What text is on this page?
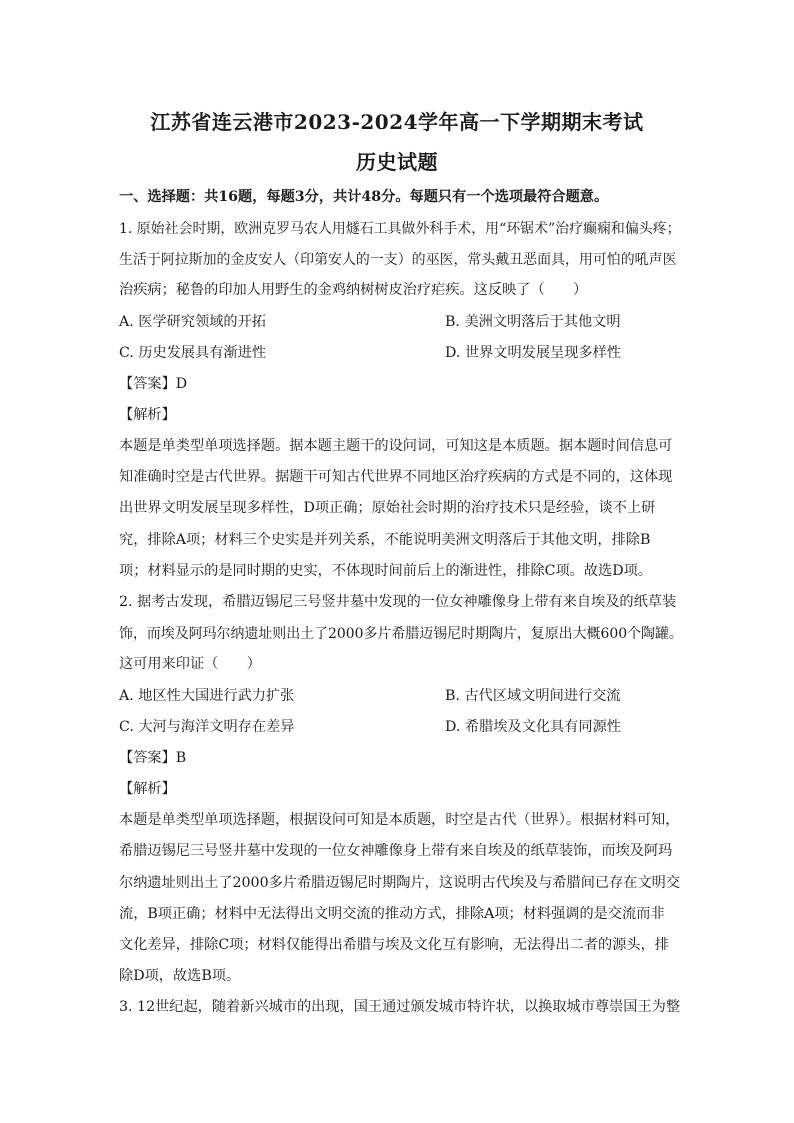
江苏省连云港市2023-2024学年高一下学期期末考试
历史试题
一、选择题：共16题，每题3分，共计48分。每题只有一个选项最符合题意。
1. 原始社会时期，欧洲克罗马农人用燧石工具做外科手术，用“环锯术”治疗癫痫和偏头疼；
生活于阿拉斯加的金皮安人（印第安人的一支）的巫医，常头戴丑恶面具，用可怕的吼声医
治疾病；秘鲁的印加人用野生的金鸡纳树树皮治疗疟疾。这反映了（　　）
A. 医学研究领域的开拓	B. 美洲文明落后于其他文明
C. 历史发展具有渐进性	D. 世界文明发展呈现多样性
【答案】D
【解析】
本题是单类型单项选择题。据本题主题干的设问词，可知这是本质题。据本题时间信息可
知准确时空是古代世界。据题干可知古代世界不同地区治疗疾病的方式是不同的，这体现
出世界文明发展呈现多样性，D项正确；原始社会时期的治疗技术只是经验，谈不上研
究，排除A项；材料三个史实是并列关系，不能说明美洲文明落后于其他文明，排除B
项；材料显示的是同时期的史实，不体现时间前后上的渐进性，排除C项。故选D项。
2. 据考古发现，希腊迈锡尼三号竖井墓中发现的一位女神雕像身上带有来自埃及的纸草装
饰，而埃及阿玛尔纳遗址则出土了2000多片希腊迈锡尼时期陶片，复原出大概600个陶罐。
这可用来印证（　　）
A. 地区性大国进行武力扩张	B. 古代区域文明间进行交流
C. 大河与海洋文明存在差异	D. 希腊埃及文化具有同源性
【答案】B
【解析】
本题是单类型单项选择题，根据设问可知是本质题，时空是古代（世界）。根据材料可知，
希腊迈锡尼三号竖井墓中发现的一位女神雕像身上带有来自埃及的纸草装饰，而埃及阿玛
尔纳遗址则出土了2000多片希腊迈锡尼时期陶片，这说明古代埃及与希腊间已存在文明交
流，B项正确；材料中无法得出文明交流的推动方式，排除A项；材料强调的是交流而非
文化差异，排除C项；材料仅能得出希腊与埃及文化互有影响，无法得出二者的源头，排
除D项，故选B项。
3. 12世纪起，随着新兴城市的出现，国王通过颁发城市特许状，以换取城市尊崇国王为整
